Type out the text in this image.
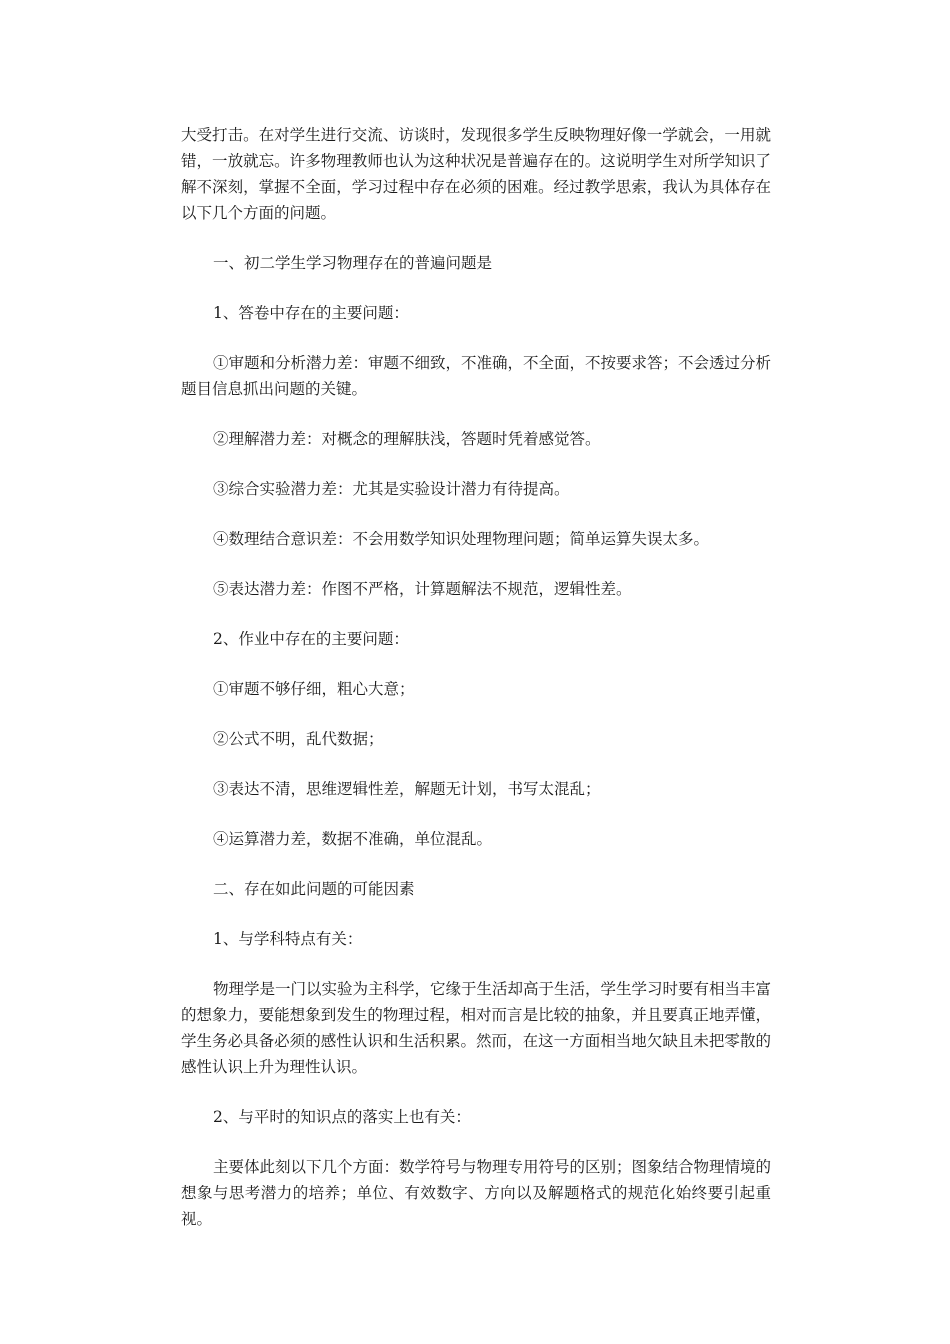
大受打击。在对学生进行交流、访谈时，发现很多学生反映物理好像一学就会，一用就错，一放就忘。许多物理教师也认为这种状况是普遍存在的。这说明学生对所学知识了解不深刻，掌握不全面，学习过程中存在必须的困难。经过教学思索，我认为具体存在以下几个方面的问题。

一、初二学生学习物理存在的普遍问题是

1、答卷中存在的主要问题：

①审题和分析潜力差：审题不细致，不准确，不全面，不按要求答；不会透过分析题目信息抓出问题的关键。

②理解潜力差：对概念的理解肤浅，答题时凭着感觉答。

③综合实验潜力差：尤其是实验设计潜力有待提高。

④数理结合意识差：不会用数学知识处理物理问题；简单运算失误太多。

⑤表达潜力差：作图不严格，计算题解法不规范，逻辑性差。

2、作业中存在的主要问题：

①审题不够仔细，粗心大意；

②公式不明，乱代数据；

③表达不清，思维逻辑性差，解题无计划，书写太混乱；

④运算潜力差，数据不准确，单位混乱。

二、存在如此问题的可能因素

1、与学科特点有关：

物理学是一门以实验为主科学，它缘于生活却高于生活，学生学习时要有相当丰富的想象力，要能想象到发生的物理过程，相对而言是比较的抽象，并且要真正地弄懂，学生务必具备必须的感性认识和生活积累。然而，在这一方面相当地欠缺且未把零散的感性认识上升为理性认识。

2、与平时的知识点的落实上也有关：

主要体此刻以下几个方面：数学符号与物理专用符号的区别；图象结合物理情境的想象与思考潜力的培养；单位、有效数字、方向以及解题格式的规范化始终要引起重视。
